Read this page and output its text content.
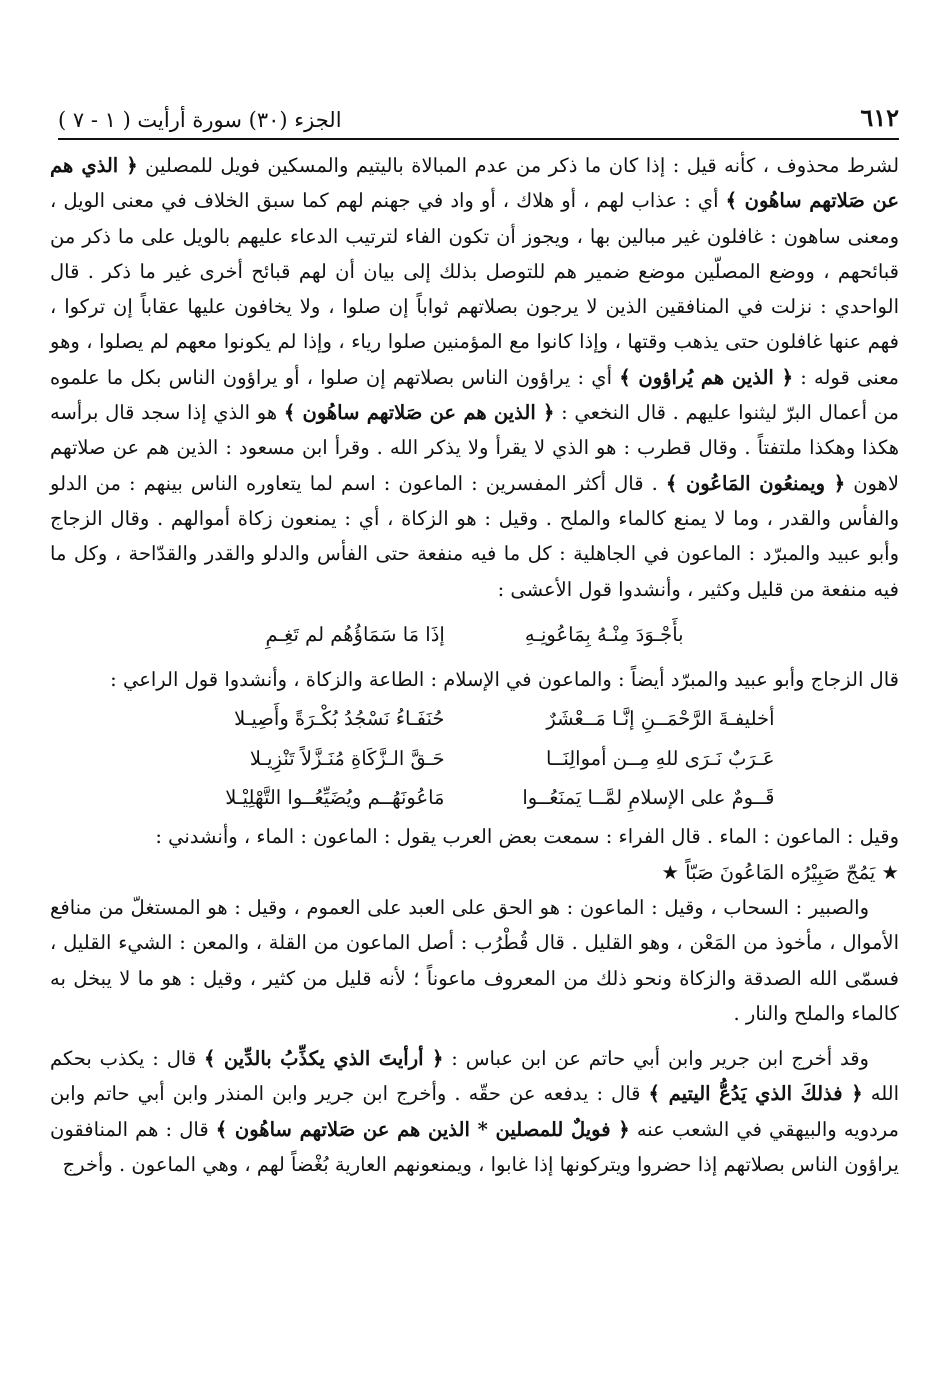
٦١٢
الجزء (٣٠) سورة أرأيت ( ١ - ٧ )

لشرط محذوف ، كأنه قيل : إذا كان ما ذكر من عدم المبالاة باليتيم والمسكين فويل للمصلين ﴿ الذي هم عن صَلاتهم ساهُون ﴾ أي : عذاب لهم ، أو هلاك ، أو واد في جهنم لهم كما سبق الخلاف في معنى الويل ، ومعنى ساهون : غافلون غير مبالين بها ، ويجوز أن تكون الفاء لترتيب الدعاء عليهم بالويل على ما ذكر من قبائحهم ، ووضع المصلّين موضع ضمير هم للتوصل بذلك إلى بيان أن لهم قبائح أخرى غير ما ذكر . قال الواحدي : نزلت في المنافقين الذين لا يرجون بصلاتهم ثواباً إن صلوا ، ولا يخافون عليها عقاباً إن تركوا ، فهم عنها غافلون حتى يذهب وقتها ، وإذا كانوا مع المؤمنين صلوا رياء ، وإذا لم يكونوا معهم لم يصلوا ، وهو معنى قوله : ﴿ الذين هم يُراؤون ﴾ أي : يراؤون الناس بصلاتهم إن صلوا ، أو يراؤون الناس بكل ما علموه من أعمال البرّ ليثنوا عليهم . قال النخعي : ﴿ الذين هم عن صَلاتهم ساهُون ﴾ هو الذي إذا سجد قال برأسه هكذا وهكذا ملتفتاً . وقال قطرب : هو الذي لا يقرأ ولا يذكر الله . وقرأ ابن مسعود : الذين هم عن صلاتهم لاهون ﴿ ويمنعُون المَاعُون ﴾ . قال أكثر المفسرين : الماعون : اسم لما يتعاوره الناس بينهم : من الدلو والفأس والقدر ، وما لا يمنع كالماء والملح . وقيل : هو الزكاة ، أي : يمنعون زكاة أموالهم . وقال الزجاج وأبو عبيد والمبرّد : الماعون في الجاهلية : كل ما فيه منفعة حتى الفأس والدلو والقدر والقدّاحة ، وكل ما فيه منفعة من قليل وكثير ، وأنشدوا قول الأعشى :

بأَجْـوَدَ مِنْـهُ بِمَاعُونِـهِ
إذَا مَا سَمَاؤُهُم لم تَغِـمِ

قال الزجاج وأبو عبيد والمبرّد أيضاً : والماعون في الإسلام : الطاعة والزكاة ، وأنشدوا قول الراعي :

أخليفـةَ الرَّحْمَــنِ إنَّـا مَــعْشَرٌ
حُنَفَـاءُ نَسْجُدُ بُكْـرَةً وأَصِيـلا
عَـرَبٌ نَـرَى للهِ مِــن أموالِنَــا
حَـقَّ الـزَّكَاةِ مُنَـزَّلاً تَنْزِيـلا
قَــومٌ على الإسلامِ لمَّــا يَمنَعُــوا
مَاعُونَهُــم ويُضَيِّعُــوا التَّهْلِيْـلا

وقيل : الماعون : الماء . قال الفراء : سمعت بعض العرب يقول : الماعون : الماء ، وأنشدني :

★ يَمُجّ صَبِيْرُه المَاعُونَ صَبّاً ★

والصبير : السحاب ، وقيل : الماعون : هو الحق على العبد على العموم ، وقيل : هو المستغلّ من منافع الأموال ، مأخوذ من المَعْن ، وهو القليل . قال قُطْرُب : أصل الماعون من القلة ، والمعن : الشيء القليل ، فسمّى الله الصدقة والزكاة ونحو ذلك من المعروف ماعوناً ؛ لأنه قليل من كثير ، وقيل : هو ما لا يبخل به كالماء والملح والنار .

وقد أخرج ابن جرير وابن أبي حاتم عن ابن عباس : ﴿ أرأيتَ الذي يكذِّبُ بالدِّين ﴾ قال : يكذب بحكم الله ﴿ فذلكَ الذي يَدُعُّ اليتيم ﴾ قال : يدفعه عن حقّه . وأخرج ابن جرير وابن المنذر وابن أبي حاتم وابن مردويه والبيهقي في الشعب عنه ﴿ فويلٌ للمصلين * الذين هم عن صَلاتهم ساهُون ﴾ قال : هم المنافقون يراؤون الناس بصلاتهم إذا حضروا ويتركونها إذا غابوا ، ويمنعونهم العارية بُغْضاً لهم ، وهي الماعون . وأخرج
